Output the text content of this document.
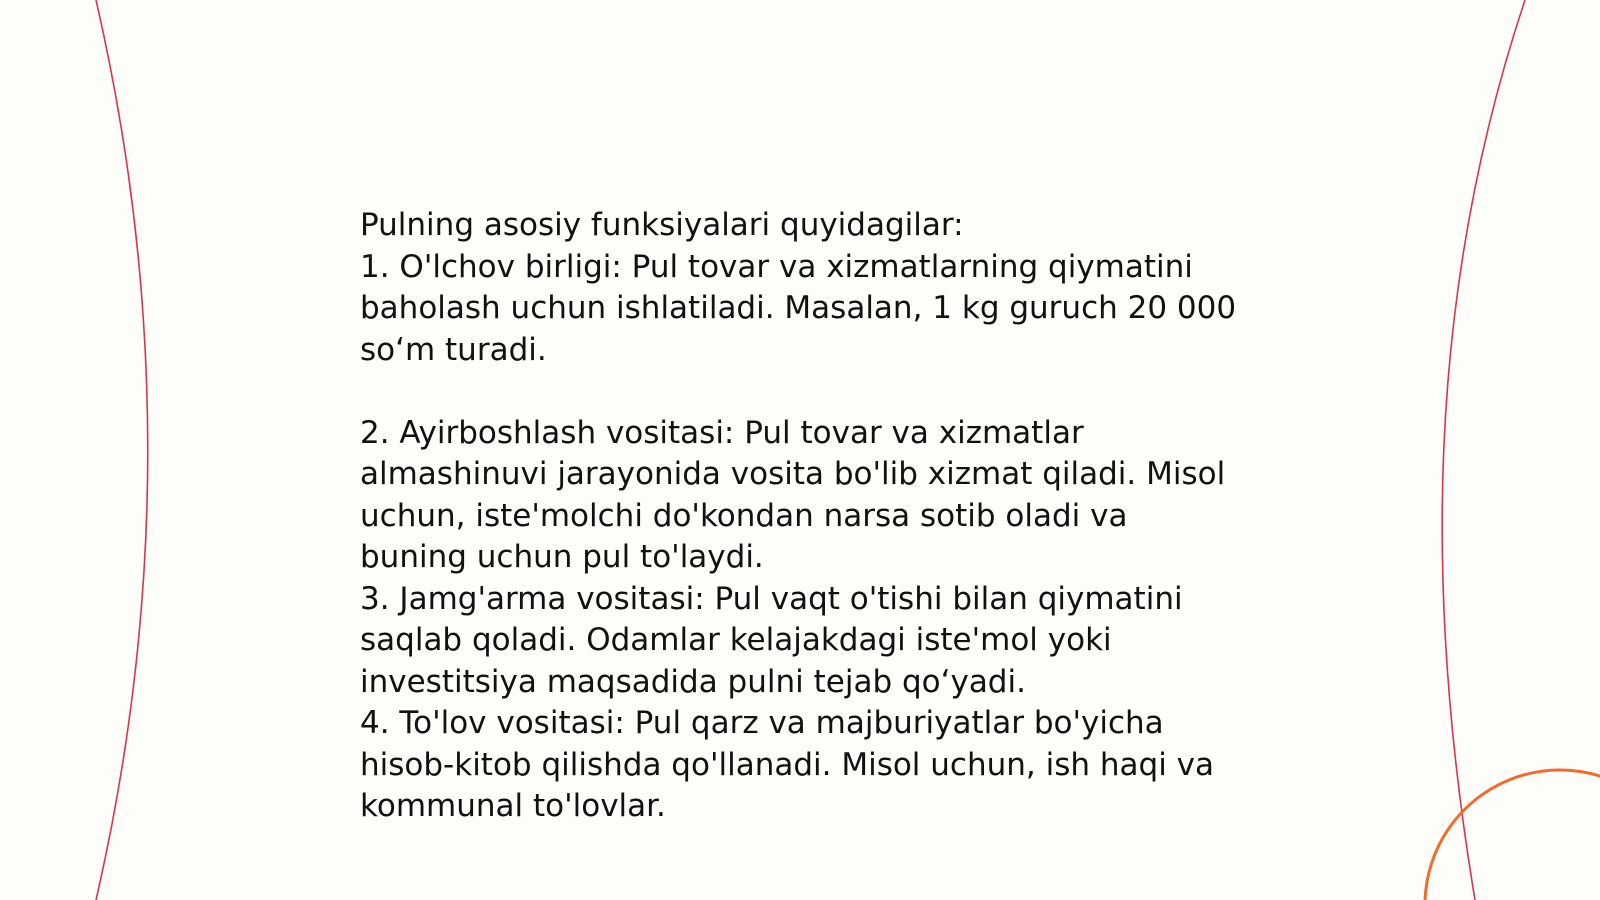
Pulning asosiy funksiyalari quyidagilar:

1. O'lchov birligi: Pul tovar va xizmatlarning qiymatini baholash uchun ishlatiladi. Masalan, 1 kg guruch 20 000 so‘m turadi.

2. Ayirboshlash vositasi: Pul tovar va xizmatlar almashinuvi jarayonida vosita bo'lib xizmat qiladi. Misol uchun, iste'molchi do'kondan narsa sotib oladi va buning uchun pul to'laydi.

3. Jamg'arma vositasi: Pul vaqt o'tishi bilan qiymatini saqlab qoladi. Odamlar kelajakdagi iste'mol yoki investitsiya maqsadida pulni tejab qo‘yadi.

4. To'lov vositasi: Pul qarz va majburiyatlar bo'yicha hisob-kitob qilishda qo'llanadi. Misol uchun, ish haqi va kommunal to'lovlar.
